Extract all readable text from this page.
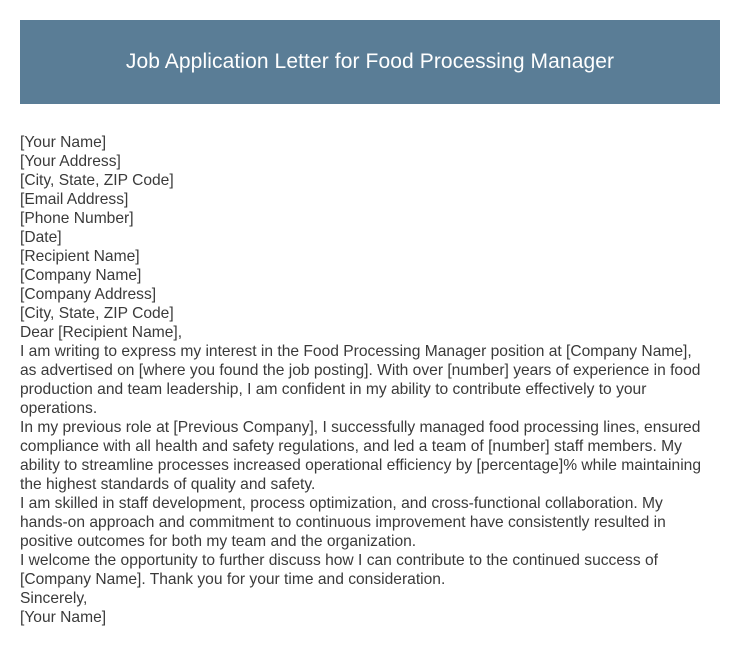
Job Application Letter for Food Processing Manager
[Your Name]
[Your Address]
[City, State, ZIP Code]
[Email Address]
[Phone Number]
[Date]
[Recipient Name]
[Company Name]
[Company Address]
[City, State, ZIP Code]
Dear [Recipient Name],
I am writing to express my interest in the Food Processing Manager position at [Company Name],
as advertised on [where you found the job posting]. With over [number] years of experience in food
production and team leadership, I am confident in my ability to contribute effectively to your
operations.
In my previous role at [Previous Company], I successfully managed food processing lines, ensured
compliance with all health and safety regulations, and led a team of [number] staff members. My
ability to streamline processes increased operational efficiency by [percentage]% while maintaining
the highest standards of quality and safety.
I am skilled in staff development, process optimization, and cross-functional collaboration. My
hands-on approach and commitment to continuous improvement have consistently resulted in
positive outcomes for both my team and the organization.
I welcome the opportunity to further discuss how I can contribute to the continued success of
[Company Name]. Thank you for your time and consideration.
Sincerely,
[Your Name]
